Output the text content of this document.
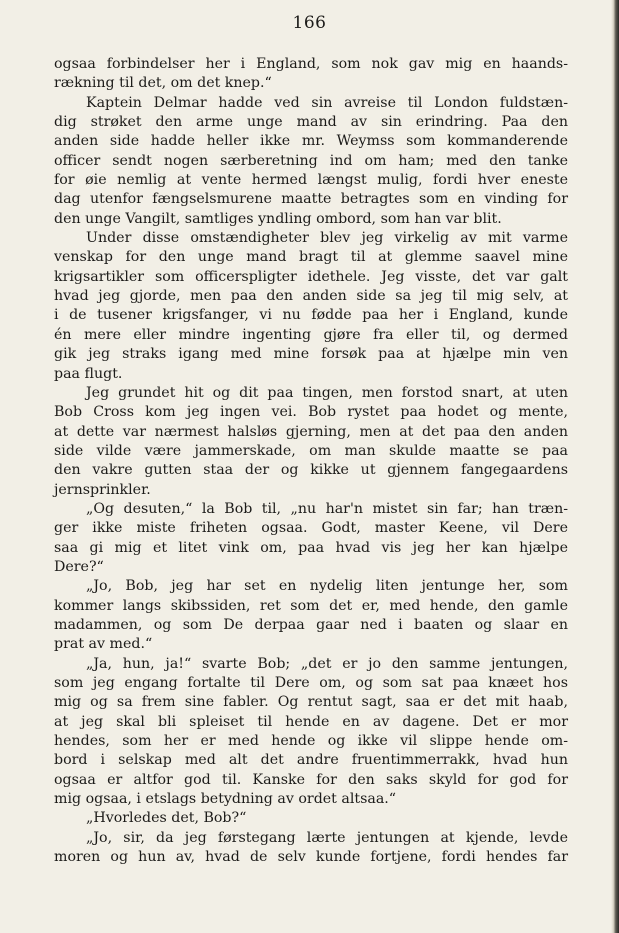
166
ogsaa forbindelser her i England, som nok gav mig en haands-
rækning til det, om det knep.“
Kaptein Delmar hadde ved sin avreise til London fuldstæn-
dig strøket den arme unge mand av sin erindring. Paa den
anden side hadde heller ikke mr. Weymss som kommanderende
officer sendt nogen særberetning ind om ham; med den tanke
for øie nemlig at vente hermed længst mulig, fordi hver eneste
dag utenfor fængselsmurene maatte betragtes som en vinding for
den unge Vangilt, samtliges yndling ombord, som han var blit.
Under disse omstændigheter blev jeg virkelig av mit varme
venskap for den unge mand bragt til at glemme saavel mine
krigsartikler som officerspligter idethele. Jeg visste, det var galt
hvad jeg gjorde, men paa den anden side sa jeg til mig selv, at
i de tusener krigsfanger, vi nu fødde paa her i England, kunde
én mere eller mindre ingenting gjøre fra eller til, og dermed
gik jeg straks igang med mine forsøk paa at hjælpe min ven
paa flugt.
Jeg grundet hit og dit paa tingen, men forstod snart, at uten
Bob Cross kom jeg ingen vei. Bob rystet paa hodet og mente,
at dette var nærmest halsløs gjerning, men at det paa den anden
side vilde være jammerskade, om man skulde maatte se paa
den vakre gutten staa der og kikke ut gjennem fangegaardens
jernsprinkler.
„Og desuten,“ la Bob til, „nu har'n mistet sin far; han træn-
ger ikke miste friheten ogsaa. Godt, master Keene, vil Dere
saa gi mig et litet vink om, paa hvad vis jeg her kan hjælpe
Dere?“
„Jo, Bob, jeg har set en nydelig liten jentunge her, som
kommer langs skibssiden, ret som det er, med hende, den gamle
madammen, og som De derpaa gaar ned i baaten og slaar en
prat av med.“
„Ja, hun, ja!“ svarte Bob; „det er jo den samme jentungen,
som jeg engang fortalte til Dere om, og som sat paa knæet hos
mig og sa frem sine fabler. Og rentut sagt, saa er det mit haab,
at jeg skal bli spleiset til hende en av dagene. Det er mor
hendes, som her er med hende og ikke vil slippe hende om-
bord i selskap med alt det andre fruentimmerrakk, hvad hun
ogsaa er altfor god til. Kanske for den saks skyld for god for
mig ogsaa, i etslags betydning av ordet altsaa.“
„Hvorledes det, Bob?“
„Jo, sir, da jeg førstegang lærte jentungen at kjende, levde
moren og hun av, hvad de selv kunde fortjene, fordi hendes far
